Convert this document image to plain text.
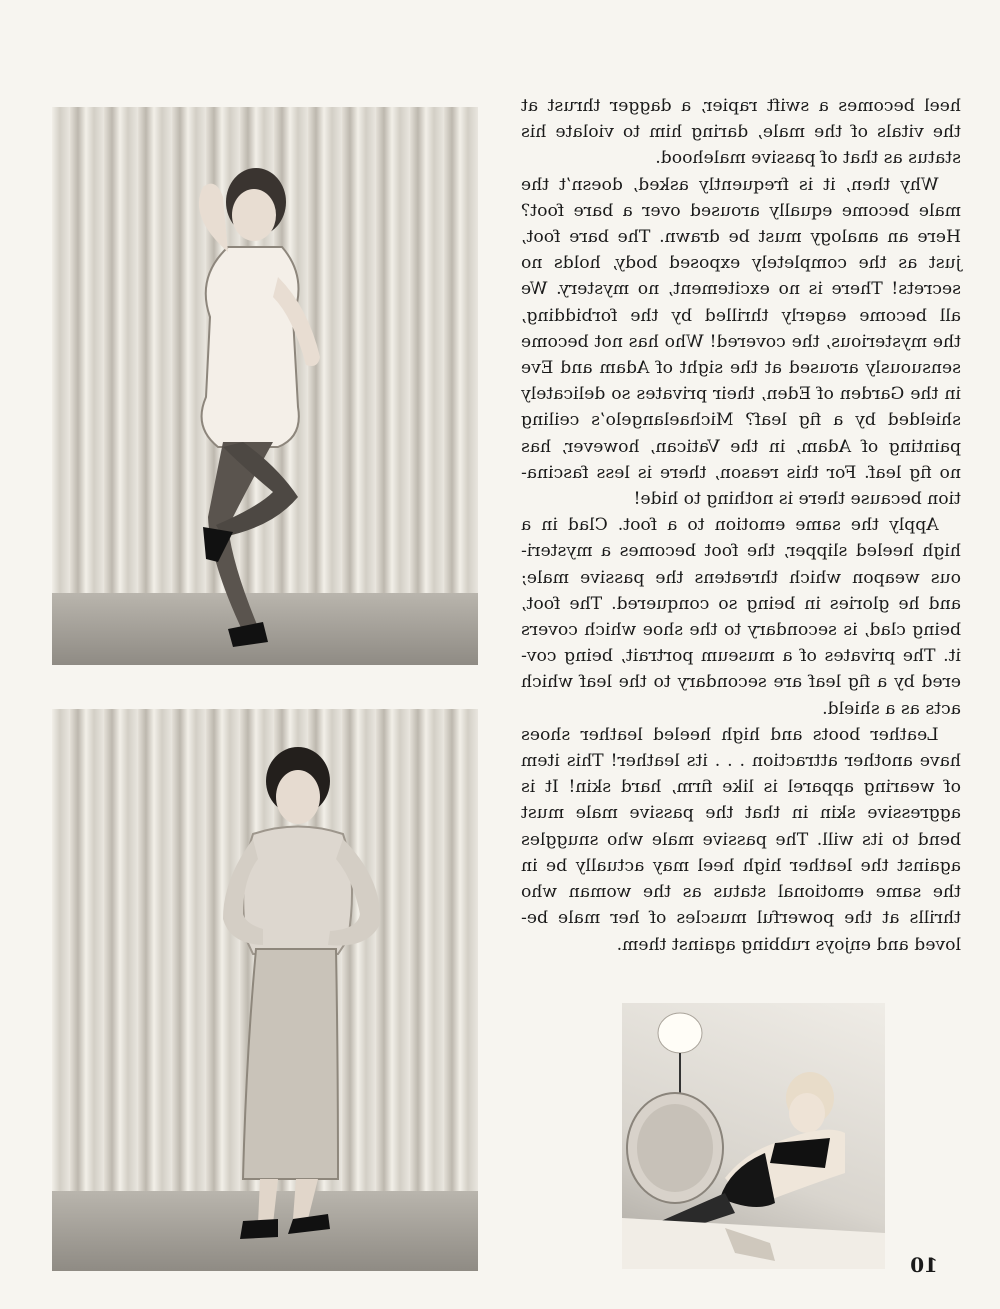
heel becomes a swift rapier, a dagger thrust at
the vitals of the male, daring him to violate his
status as that of passive malehood.
Why then, it is frequently asked, doesn’t the
male become equally aroused over a bare foot?
Here an analogy must be drawn. The bare foot,
just as the completely exposed body, holds no
secrets! There is no excitement, no mystery. We
all become eagerly thrilled by the forbidding,
the mysterious, the covered! Who has not become
sensuously aroused at the sight of Adam and Eve
in the Garden of Eden, their privates so delicately
shielded by a fig leaf? Michaelangelo’s ceiling
painting of Adam, in the Vatican, however, has
no fig leaf. For this reason, there is less fascina-
tion because there is nothing to hide!
Apply the same emotion to a foot. Clad in a
high heeled slipper, the foot becomes a mysteri-
ous weapon which threatens the passive male;
and he glories in being so conquered. The foot,
being clad, is secondary to the shoe which covers
it. The privates of a museum portrait, being cov-
ered by a fig leaf are secondary to the leaf which
acts as a shield.
Leather boots and high heeled leather shoes
have another attraction . . . its leather! This item
of wearing apparel is like firm, hard skin! It is
aggressive skin in that the passive male must
bend to its will. The passive male who snuggles
against the leather high heel may actually be in
the same emotional status as the woman who
thrills at the powerful muscles of her male be-
loved and enjoys rubbing against them.
10
